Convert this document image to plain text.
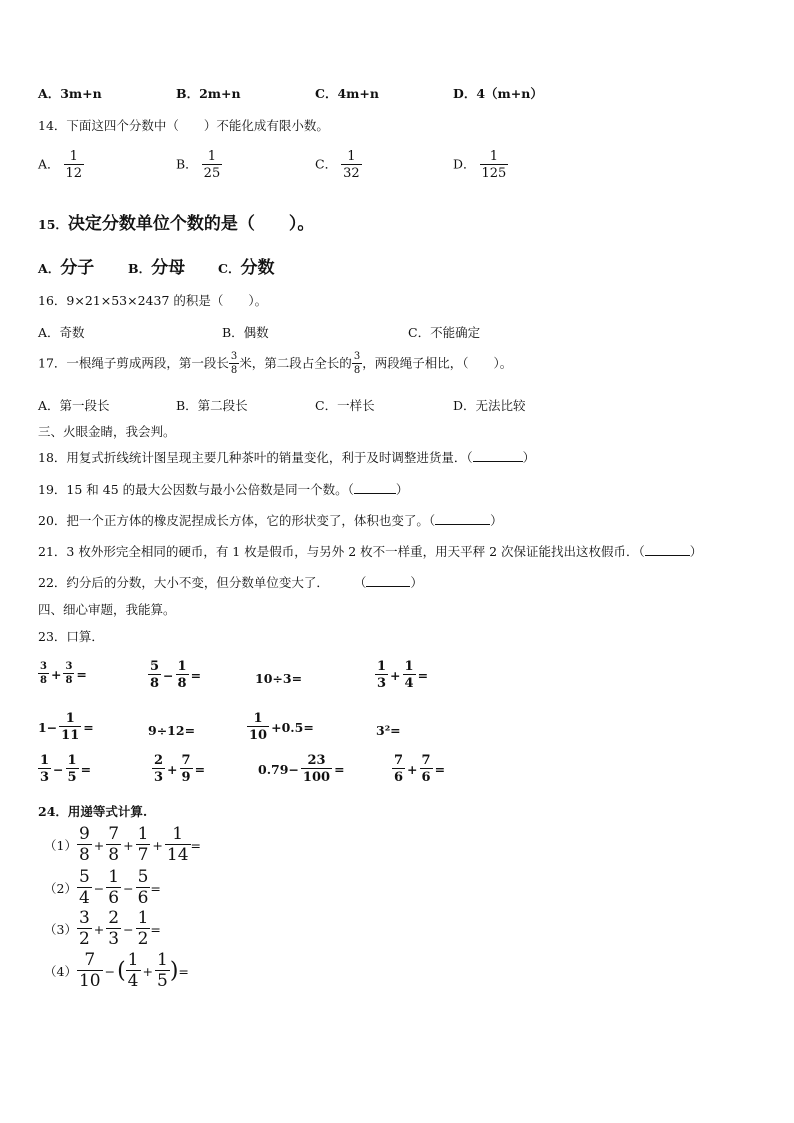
A．3m+n	B．2m+n	C．4m+n	D．4（m+n）
14．下面这四个分数中（　　）不能化成有限小数。
A． $\frac{1}{12}$	B． $\frac{1}{25}$	C． $\frac{1}{32}$	D． $\frac{1}{125}$
15．决定分数单位个数的是（　　）。
A．分子	B．分母	C．分数
16．9×21×53×2437 的积是（　　）。
A．奇数	B．偶数	C．不能确定
17．一根绳子剪成两段，第一段长 $\frac{3}{8}$ 米，第二段占全长的 $\frac{3}{8}$ ，两段绳子相比，（　　）。
A．第一段长	B．第二段长	C．一样长	D．无法比较
三、火眼金睛，我会判。
18．用复式折线统计图呈现主要几种茶叶的销量变化，利于及时调整进货量．（	）
19．15 和 45 的最大公因数与最小公倍数是同一个数。（	）
20．把一个正方体的橡皮泥捏成长方体，它的形状变了，体积也变了。（	）
21．3 枚外形完全相同的硬币，有 1 枚是假币，与另外 2 枚不一样重，用天平秤 2 次保证能找出这枚假币．（	）
22．约分后的分数，大小不变，但分数单位变大了．　　　（	）
四、细心审题，我能算。
23．口算．
$\frac{3}{8} + \frac{3}{8}$ =	$\frac{5}{8} - \frac{1}{8}$ =	10÷3=	$\frac{1}{3} + \frac{1}{4}$ =
$1- \frac{1}{11}$ =	9÷12=	$\frac{1}{10} +0.5=$	3²=
$\frac{1}{3} - \frac{1}{5}$ =	$\frac{2}{3} + \frac{7}{9}$ =	$0.79- \frac{23}{100}$ =	$\frac{7}{6} + \frac{7}{6}$ =
24．用递等式计算.
$(1) \frac{9}{8} + \frac{7}{8} + \frac{1}{7} + \frac{1}{14}$ =
$(2) \frac{5}{4} - \frac{1}{6} - \frac{5}{6}$ =
$(3) \frac{3}{2} + \frac{2}{3} - \frac{1}{2}$ =
$(4) \frac{7}{10}$ −( $\frac{1}{4} + \frac{1}{5}$ )=
